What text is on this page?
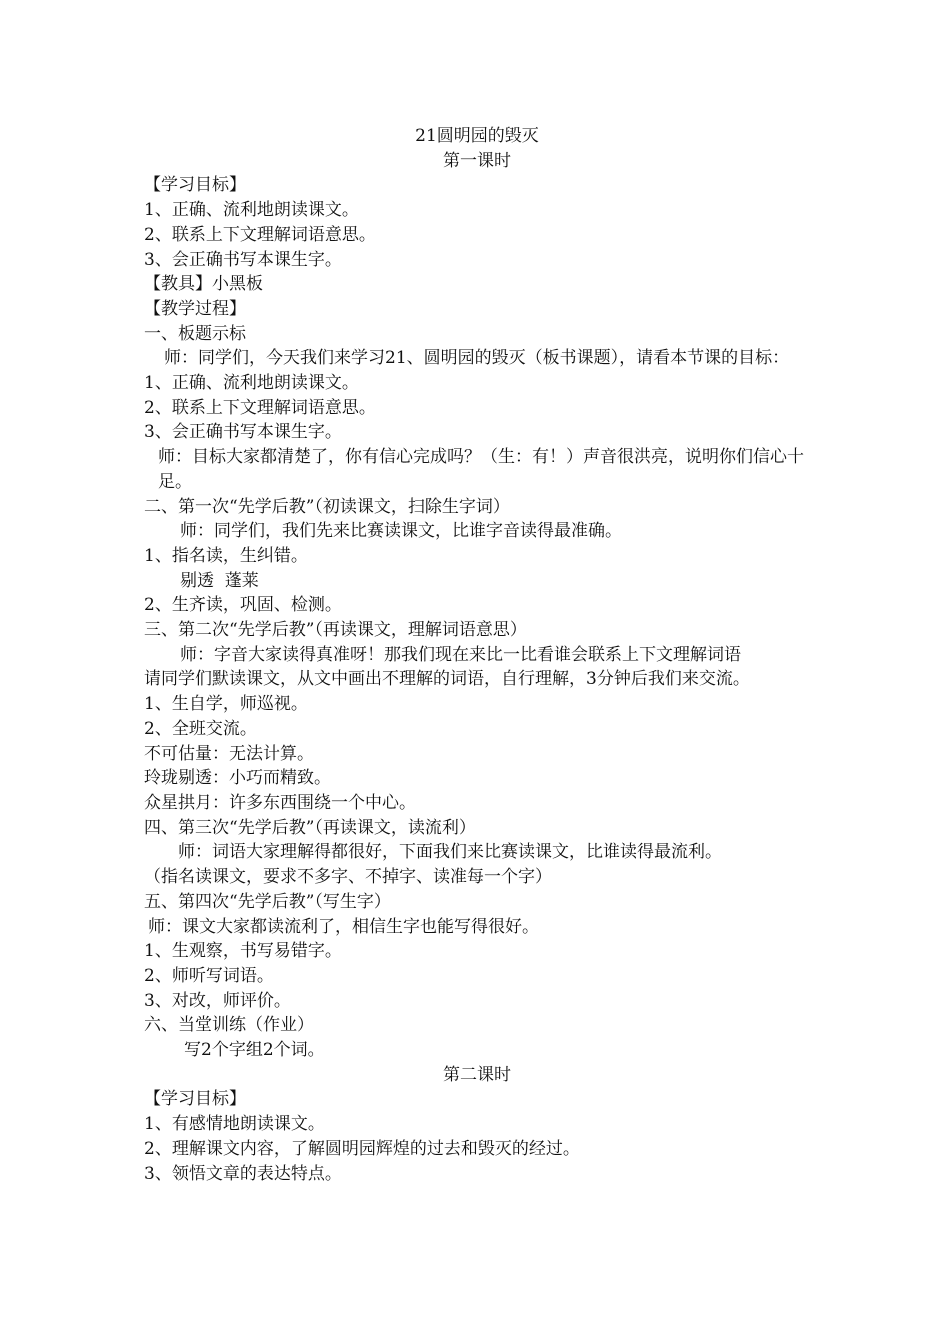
21圆明园的毁灭
第一课时
【学习目标】
1、正确、流利地朗读课文。
2、联系上下文理解词语意思。
3、会正确书写本课生字。
【教具】小黑板
【教学过程】
一、板题示标
师：同学们，今天我们来学习21、圆明园的毁灭（板书课题），请看本节课的目标：
1、正确、流利地朗读课文。
2、联系上下文理解词语意思。
3、会正确书写本课生字。
师：目标大家都清楚了，你有信心完成吗？（生：有！）声音很洪亮，说明你们信心十足。
二、第一次“先学后教”（初读课文，扫除生字词）
师：同学们，我们先来比赛读课文，比谁字音读得最准确。
1、指名读，生纠错。
剔透  蓬莱
2、生齐读，巩固、检测。
三、第二次“先学后教”（再读课文，理解词语意思）
师：字音大家读得真准呀！那我们现在来比一比看谁会联系上下文理解词语
请同学们默读课文，从文中画出不理解的词语，自行理解，3分钟后我们来交流。
1、生自学，师巡视。
2、全班交流。
不可估量：无法计算。
玲珑剔透：小巧而精致。
众星拱月：许多东西围绕一个中心。
四、第三次“先学后教”（再读课文，读流利）
师：词语大家理解得都很好，下面我们来比赛读课文，比谁读得最流利。
（指名读课文，要求不多字、不掉字、读准每一个字）
五、第四次“先学后教”（写生字）
师：课文大家都读流利了，相信生字也能写得很好。
1、生观察，书写易错字。
2、师听写词语。
3、对改，师评价。
六、当堂训练（作业）
写2个字组2个词。
第二课时
【学习目标】
1、有感情地朗读课文。
2、理解课文内容，了解圆明园辉煌的过去和毁灭的经过。
3、领悟文章的表达特点。
